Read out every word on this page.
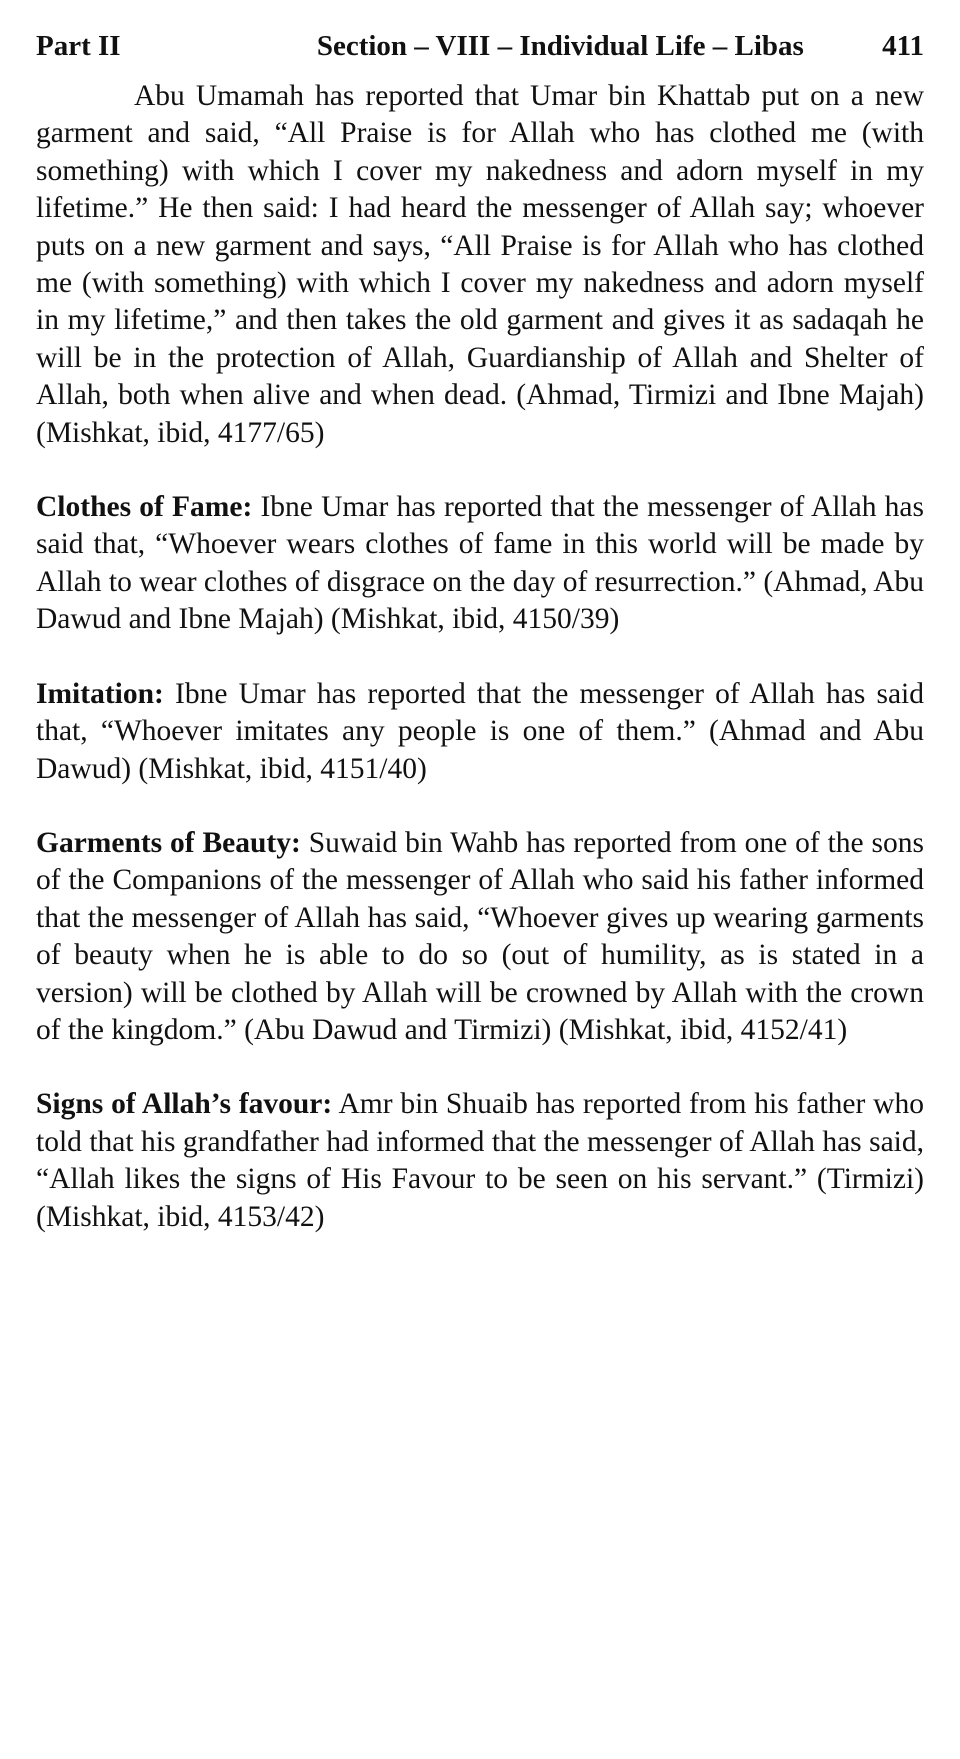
Part II	Section – VIII – Individual Life – Libas	411

Abu Umamah has reported that Umar bin Khattab put on a new garment and said, “All Praise is for Allah who has clothed me (with something) with which I cover my nakedness and adorn myself in my lifetime.” He then said: I had heard the messenger of Allah say; whoever puts on a new garment and says, “All Praise is for Allah who has clothed me (with something) with which I cover my nakedness and adorn myself in my lifetime,” and then takes the old garment and gives it as sadaqah he will be in the protection of Allah, Guardianship of Allah and Shelter of Allah, both when alive and when dead. (Ahmad, Tirmizi and Ibne Majah) (Mishkat, ibid, 4177/65)

Clothes of Fame: Ibne Umar has reported that the messenger of Allah has said that, “Whoever wears clothes of fame in this world will be made by Allah to wear clothes of disgrace on the day of resurrection.” (Ahmad, Abu Dawud and Ibne Majah) (Mishkat, ibid, 4150/39)

Imitation: Ibne Umar has reported that the messenger of Allah has said that, “Whoever imitates any people is one of them.” (Ahmad and Abu Dawud) (Mishkat, ibid, 4151/40)

Garments of Beauty: Suwaid bin Wahb has reported from one of the sons of the Companions of the messenger of Allah who said his father informed that the messenger of Allah has said, “Whoever gives up wearing garments of beauty when he is able to do so (out of humility, as is stated in a version) will be clothed by Allah will be crowned by Allah with the crown of the kingdom.” (Abu Dawud and Tirmizi) (Mishkat, ibid, 4152/41)

Signs of Allah’s favour: Amr bin Shuaib has reported from his father who told that his grandfather had informed that the messenger of Allah has said, “Allah likes the signs of His Favour to be seen on his servant.” (Tirmizi) (Mishkat, ibid, 4153/42)
